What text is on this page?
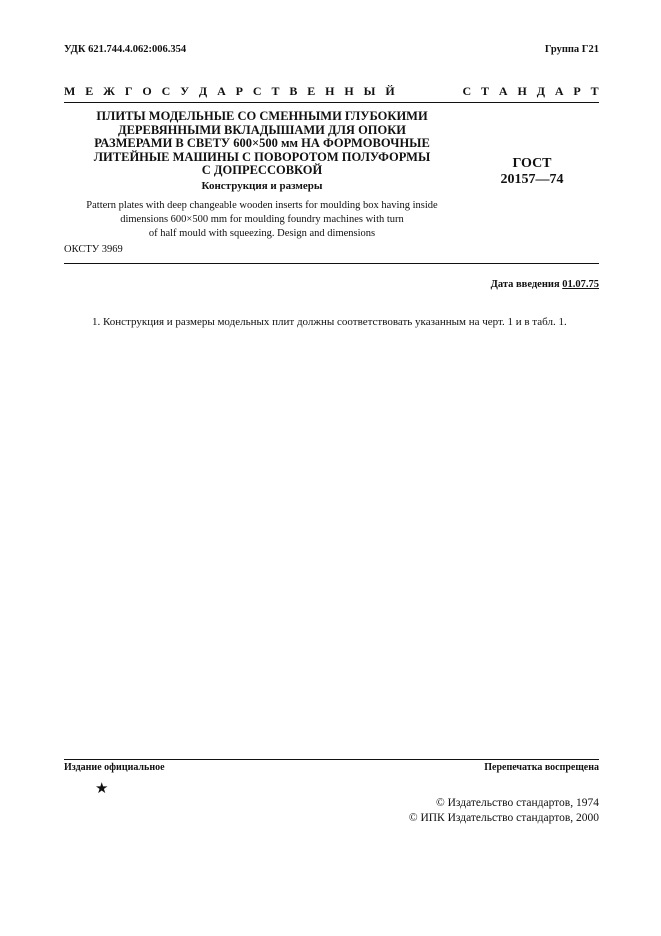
УДК 621.744.4.062:006.354	Группа Г21
М Е Ж Г О С У Д А Р С Т В Е Н Н Ы Й	С Т А Н Д А Р Т
ПЛИТЫ МОДЕЛЬНЫЕ СО СМЕННЫМИ ГЛУБОКИМИ
ДЕРЕВЯННЫМИ ВКЛАДЫШАМИ ДЛЯ ОПОКИ
РАЗМЕРАМИ В СВЕТУ 600×500 мм НА ФОРМОВОЧНЫЕ
ЛИТЕЙНЫЕ МАШИНЫ С ПОВОРОТОМ ПОЛУФОРМЫ
С ДОПРЕССОВКОЙ
Конструкция и размеры
Pattern plates with deep changeable wooden inserts for moulding box having inside
dimensions 600×500 mm for moulding foundry machines with turn
of half mould with squeezing. Design and dimensions
ГОСТ
20157—74
ОКСТУ 3969
Дата введения 01.07.75
1. Конструкция и размеры модельных плит должны соответствовать указанным на черт. 1 и в табл. 1.
Издание официальное	Перепечатка воспрещена
★
© Издательство стандартов, 1974
© ИПК Издательство стандартов, 2000
